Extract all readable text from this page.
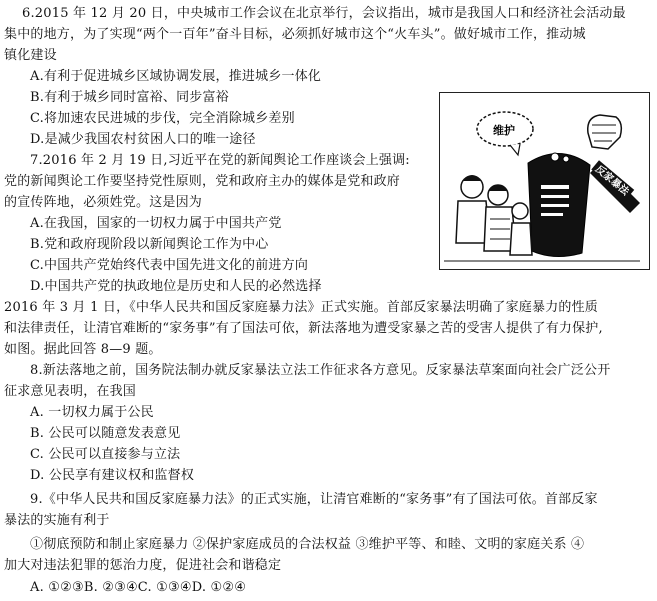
6.2015 年 12 月 20 日，中央城市工作会议在北京举行，会议指出，城市是我国人口和经济社会活动最
集中的地方，为了实现“两个一百年”奋斗目标，必须抓好城市这个“火车头”。做好城市工作，推动城
镇化建设
A.有利于促进城乡区域协调发展，推进城乡一体化
B.有利于城乡同时富裕、同步富裕
C.将加速农民进城的步伐，完全消除城乡差别
D.是减少我国农村贫困人口的唯一途径
7.2016 年 2 月 19 日,习近平在党的新闻舆论工作座谈会上强调:
党的新闻舆论工作要坚持党性原则，党和政府主办的媒体是党和政府
的宣传阵地，必须姓党。这是因为
A.在我国，国家的一切权力属于中国共产党
B.党和政府现阶段以新闻舆论工作为中心
C.中国共产党始终代表中国先进文化的前进方向
D.中国共产党的执政地位是历史和人民的必然选择
维护
反家暴法
2016 年 3 月 1 日，《中华人民共和国反家庭暴力法》正式实施。首部反家暴法明确了家庭暴力的性质
和法律责任，让清官难断的“家务事”有了国法可依，新法落地为遭受家暴之苦的受害人提供了有力保护,
如图。据此回答 8—9 题。
8.新法落地之前，国务院法制办就反家暴法立法工作征求各方意见。反家暴法草案面向社会广泛公开
征求意见表明，在我国
A. 一切权力属于公民
B. 公民可以随意发表意见
C. 公民可以直接参与立法
D. 公民享有建议权和监督权
9.《中华人民共和国反家庭暴力法》的正式实施，让清官难断的“家务事”有了国法可依。首部反家
暴法的实施有利于
①彻底预防和制止家庭暴力 ②保护家庭成员的合法权益 ③维护平等、和睦、文明的家庭关系 ④
加大对违法犯罪的惩治力度，促进社会和谐稳定
A. ①②③B. ②③④C. ①③④D. ①②④
